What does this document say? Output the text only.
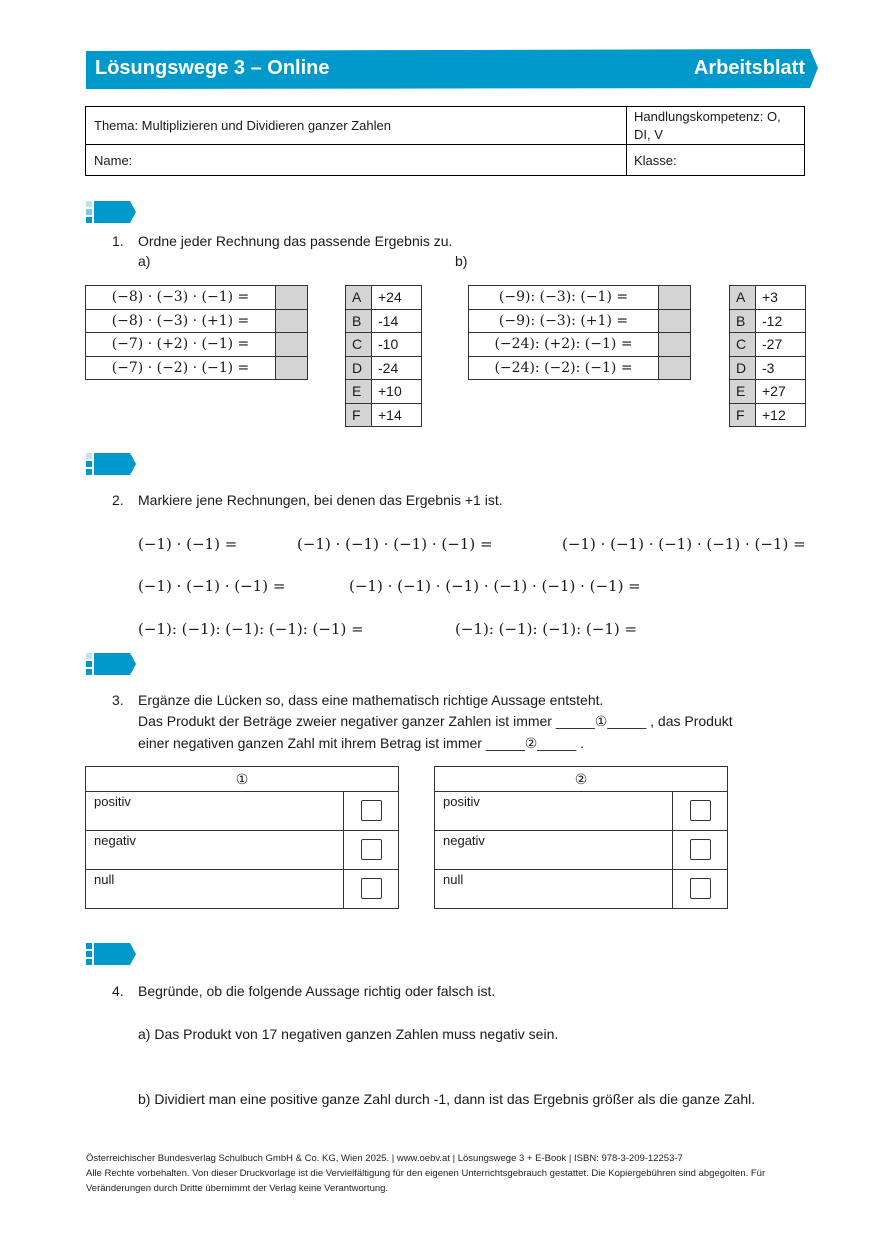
Lösungswege 3 – Online	Arbeitsblatt
Thema: Multiplizieren und Dividieren ganzer Zahlen
Handlungskompetenz: O,
DI, V
Name:	Klasse:
1. Ordne jeder Rechnung das passende Ergebnis zu.
a)	b)
(−8) · (−3) · (−1) =	
(−8) · (−3) · (+1) =	
(−7) · (+2) · (−1) =	
(−7) · (−2) · (−1) =	
A	+24
B	-14
C	-10
D	-24
E	+10
F	+14
(−9): (−3): (−1) =	
(−9): (−3): (+1) =	
(−24): (+2): (−1) =	
(−24): (−2): (−1) =	
A	+3
B	-12
C	-27
D	-3
E	+27
F	+12
2. Markiere jene Rechnungen, bei denen das Ergebnis +1 ist.
(−1) · (−1) =	(−1) · (−1) · (−1) · (−1) =	(−1) · (−1) · (−1) · (−1) · (−1) =
(−1) · (−1) · (−1) =	(−1) · (−1) · (−1) · (−1) · (−1) · (−1) =
(−1): (−1): (−1): (−1): (−1) =	(−1): (−1): (−1): (−1) =
3. Ergänze die Lücken so, dass eine mathematisch richtige Aussage entsteht.
Das Produkt der Beträge zweier negativer ganzer Zahlen ist immer _____①_____ , das Produkt
einer negativen ganzen Zahl mit ihrem Betrag ist immer _____②_____ .
①
positiv
negativ
null
②
positiv
negativ
null
4. Begründe, ob die folgende Aussage richtig oder falsch ist.
a) Das Produkt von 17 negativen ganzen Zahlen muss negativ sein.
b) Dividiert man eine positive ganze Zahl durch -1, dann ist das Ergebnis größer als die ganze Zahl.
Österreichischer Bundesverlag Schulbuch GmbH & Co. KG, Wien 2025. | www.oebv.at | Lösungswege 3 + E-Book | ISBN: 978-3-209-12253-7
Alle Rechte vorbehalten. Von dieser Druckvorlage ist die Vervielfältigung für den eigenen Unterrichtsgebrauch gestattet. Die Kopiergebühren sind abgegolten. Für
Veränderungen durch Dritte übernimmt der Verlag keine Verantwortung.
